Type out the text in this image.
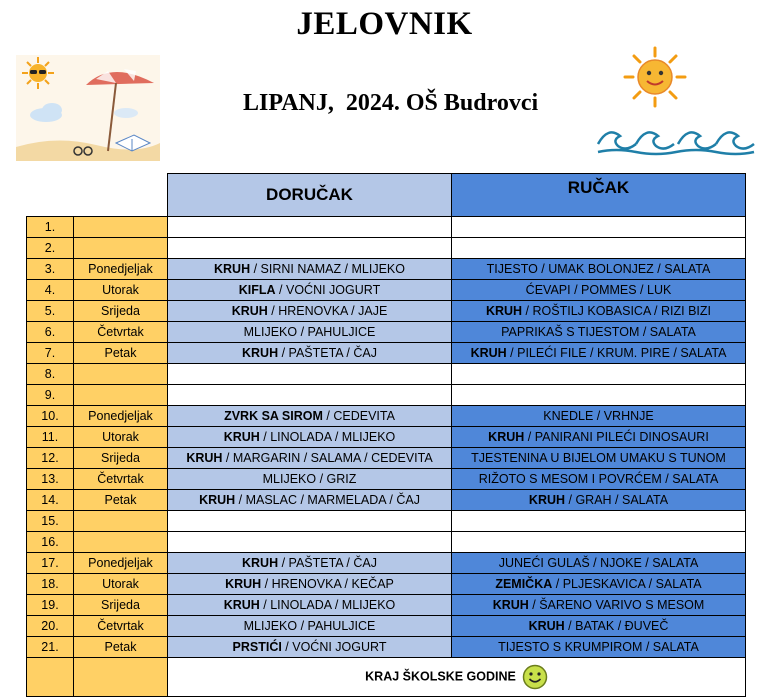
JELOVNIK
LIPANJ,  2024. OŠ Budrovci
		DORUČAK	RUČAK
1.			
2.			
3.	Ponedjeljak	KRUH / SIRNI NAMAZ / MLIJEKO	TIJESTO / UMAK BOLONJEZ / SALATA
4.	Utorak	KIFLA / VOĆNI JOGURT	ĆEVAPI / POMMES / LUK
5.	Srijeda	KRUH / HRENOVKA / JAJE	KRUH / ROŠTILJ KOBASICA / RIZI BIZI
6.	Četvrtak	MLIJEKO / PAHULJICE	PAPRIKAŠ S TIJESTOM / SALATA
7.	Petak	KRUH / PAŠTETA / ČAJ	KRUH / PILEĆI FILE / KRUM. PIRE / SALATA
8.			
9.			
10.	Ponedjeljak	ZVRK SA SIROM / CEDEVITA	KNEDLE / VRHNJE
11.	Utorak	KRUH / LINOLADA / MLIJEKO	KRUH / PANIRANI PILEĆI DINOSAURI
12.	Srijeda	KRUH / MARGARIN / SALAMA / CEDEVITA	TJESTENINA U BIJELOM UMAKU S TUNOM
13.	Četvrtak	MLIJEKO / GRIZ	RIŽOTO S MESOM I POVRĆEM / SALATA
14.	Petak	KRUH / MASLAC / MARMELADA / ČAJ	KRUH / GRAH / SALATA
15.			
16.			
17.	Ponedjeljak	KRUH / PAŠTETA / ČAJ	JUNEĆI GULAŠ / NJOKE / SALATA
18.	Utorak	KRUH / HRENOVKA / KEČAP	ZEMIČKA / PLJESKAVICA / SALATA
19.	Srijeda	KRUH / LINOLADA / MLIJEKO	KRUH / ŠARENO VARIVO S MESOM
20.	Četvrtak	MLIJEKO / PAHULJICE	KRUH / BATAK / ĐUVEČ
21.	Petak	PRSTIĆI / VOĆNI JOGURT	TIJESTO S KRUMPIROM / SALATA
		KRAJ ŠKOLSKE GODINE	
